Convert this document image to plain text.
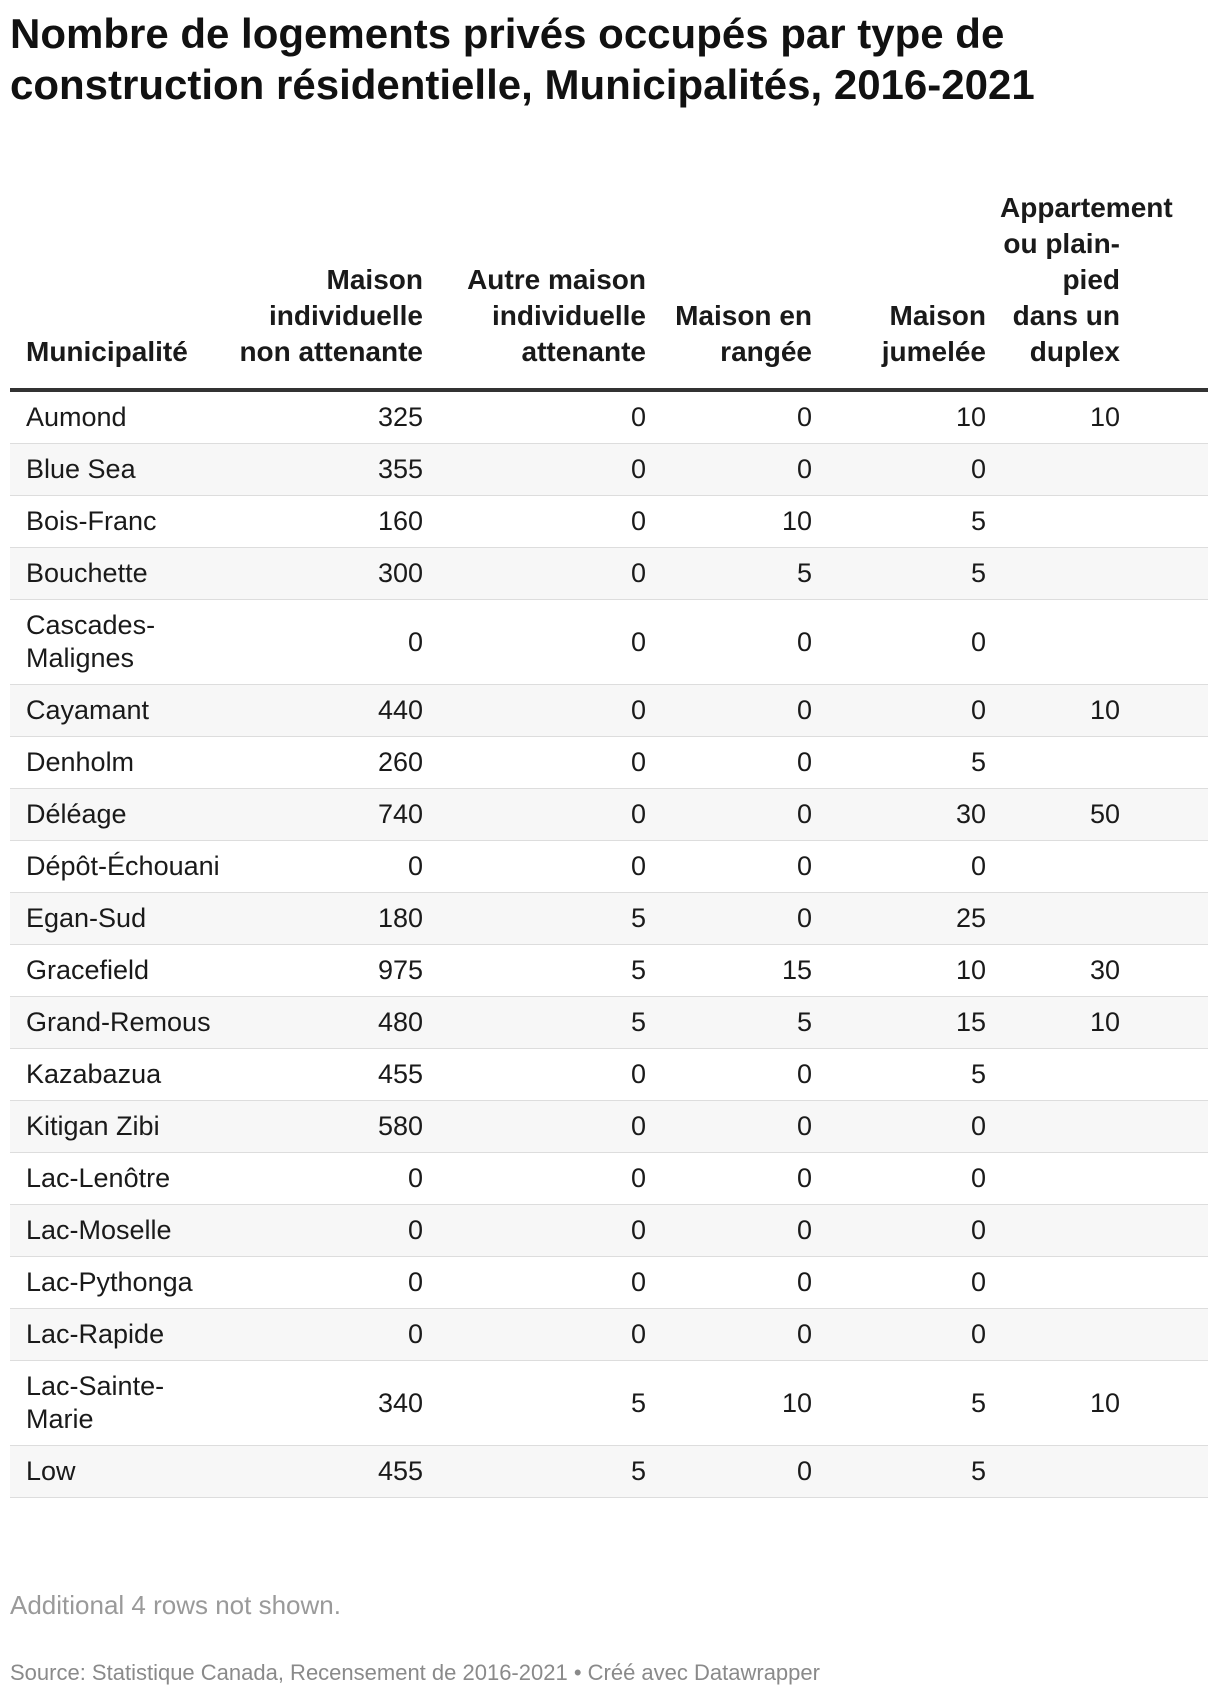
Nombre de logements privés occupés par type de construction résidentielle, Municipalités, 2016-2021
Municipalité	Maison individuelle non attenante	Autre maison individuelle attenante	Maison en rangée	Maison jumelée	Appartement ou plain-pied dans un duplex
Aumond	325	0	0	10	10
Blue Sea	355	0	0	0	
Bois-Franc	160	0	10	5	
Bouchette	300	0	5	5	
Cascades-Malignes	0	0	0	0	
Cayamant	440	0	0	0	10
Denholm	260	0	0	5	
Déléage	740	0	0	30	50
Dépôt-Échouani	0	0	0	0	
Egan-Sud	180	5	0	25	
Gracefield	975	5	15	10	30
Grand-Remous	480	5	5	15	10
Kazabazua	455	0	0	5	
Kitigan Zibi	580	0	0	0	
Lac-Lenôtre	0	0	0	0	
Lac-Moselle	0	0	0	0	
Lac-Pythonga	0	0	0	0	
Lac-Rapide	0	0	0	0	
Lac-Sainte-Marie	340	5	10	5	10
Low	455	5	0	5	

Additional 4 rows not shown.

Source: Statistique Canada, Recensement de 2016-2021 • Créé avec Datawrapper
